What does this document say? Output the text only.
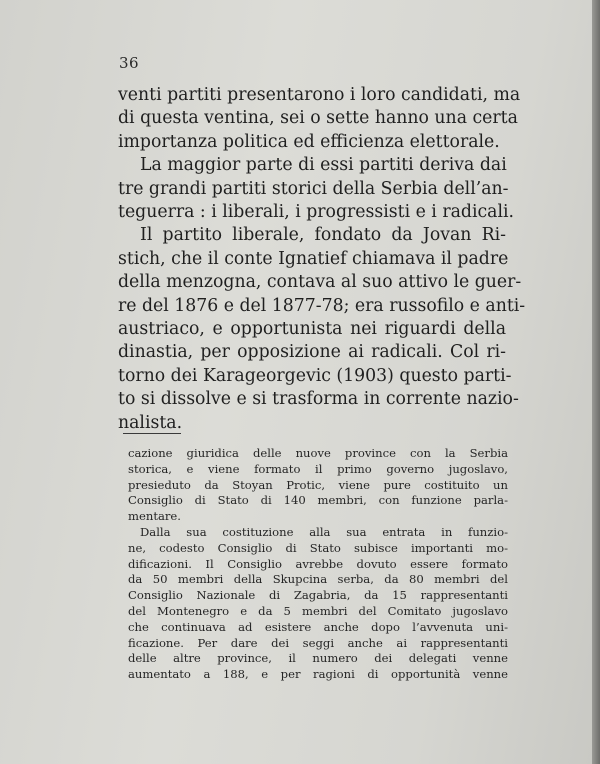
36
venti partiti presentarono i loro candidati, ma
di questa ventina, sei o sette hanno una certa
importanza politica ed efficienza elettorale.
La maggior parte di essi partiti deriva dai
tre grandi partiti storici della Serbia dell’an-
teguerra : i liberali, i progressisti e i radicali.
Il partito liberale, fondato da Jovan Ri-
stich, che il conte Ignatief chiamava il padre
della menzogna, contava al suo attivo le guer-
re del 1876 e del 1877-78; era russofilo e anti-
austriaco, e opportunista nei riguardi della
dinastia, per opposizione ai radicali. Col ri-
torno dei Karageorgevic (1903) questo parti-
to si dissolve e si trasforma in corrente nazio-
nalista.
cazione giuridica delle nuove province con la Serbia
storica, e viene formato il primo governo jugoslavo,
presieduto da Stoyan Protic, viene pure costituito un
Consiglio di Stato di 140 membri, con funzione parla-
mentare.
Dalla sua costituzione alla sua entrata in funzio-
ne, codesto Consiglio di Stato subisce importanti mo-
dificazioni. Il Consiglio avrebbe dovuto essere formato
da 50 membri della Skupcina serba, da 80 membri del
Consiglio Nazionale di Zagabria, da 15 rappresentanti
del Montenegro e da 5 membri del Comitato jugoslavo
che continuava ad esistere anche dopo l’avvenuta uni-
ficazione. Per dare dei seggi anche ai rappresentanti
delle altre province, il numero dei delegati venne
aumentato a 188, e per ragioni di opportunità venne
